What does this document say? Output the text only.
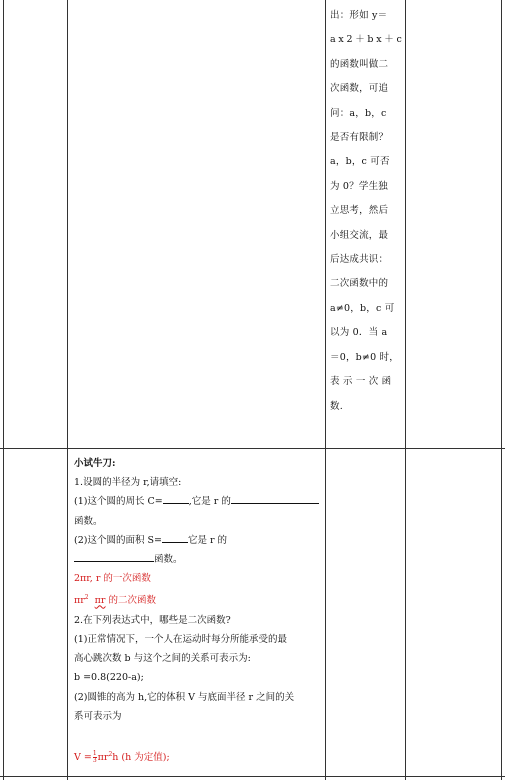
出：形如 y＝
a x 2 ＋ b x ＋ c
的函数叫做二
次函数，可追
问：a，b，c
是否有限制？
a，b，c 可否
为 0？学生独
立思考，然后
小组交流，最
后达成共识：
二次函数中的
a≠0，b，c 可
以为 0．当 a
＝0，b≠0 时，
表 示 一 次 函
数.
小试牛刀:
1.设圆的半径为 r,请填空:
(1)这个圆的周长 C=	,它是 r 的
函数。
(2)这个圆的面积 S=	它是 r 的
函数。
2πr, r 的一次函数
$\pi r^2$ πr 的二次函数
2.在下列表达式中，哪些是二次函数?
(1)正常情况下，一个人在运动时每分所能承受的最
高心跳次数 b 与这个之间的关系可表示为:
b =0.8(220-a);
(2)圆锥的高为 h,它的体积 V 与底面半径 r 之间的关
系可表示为
$V = \frac{1}{3} \pi r^2h$ (h 为定值);
